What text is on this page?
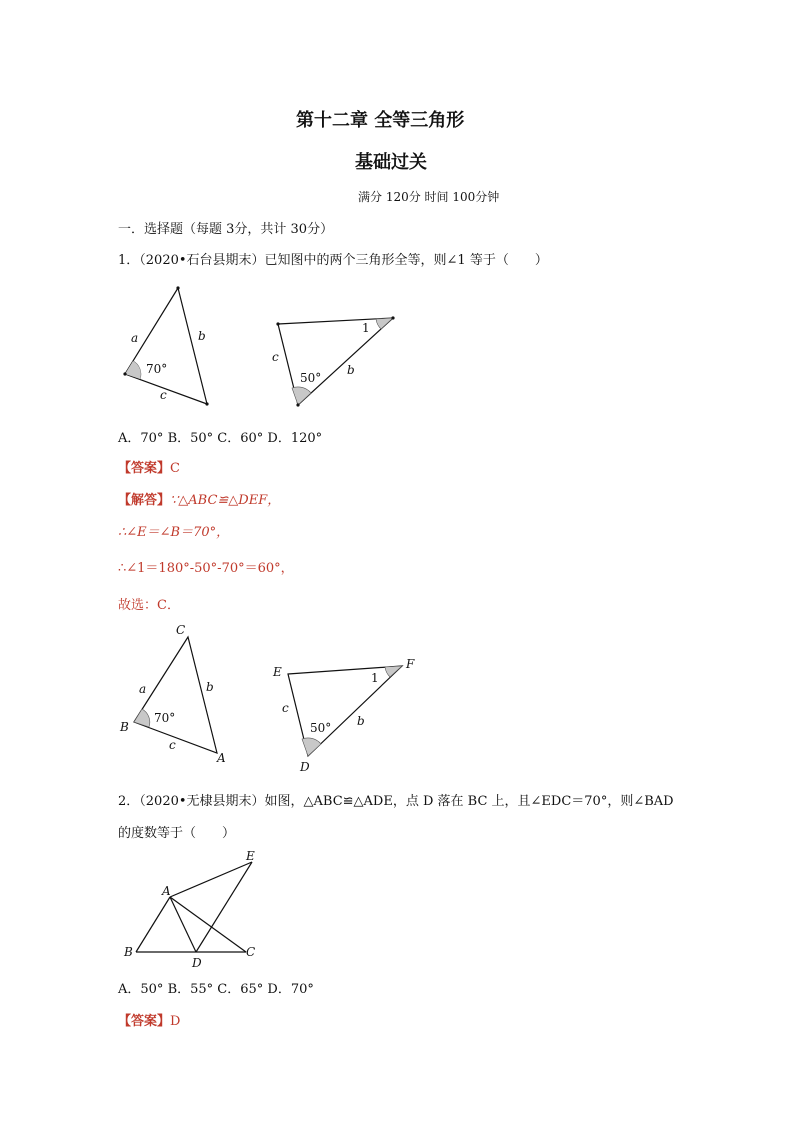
第十二章 全等三角形
基础过关
满分 120分 时间 100分钟
一．选择题（每题 3分，共计 30分）
1．（2020•石台县期末）已知图中的两个三角形全等，则∠1 等于（　　）
a	b
c
70°
c
b
50°
1
A．70° B．50° C．60° D．120°
【答案】C
【解答】∵△ABC≌△DEF，
∴∠E＝∠B＝70°，
∴∠1＝180°-50°-70°＝60°，
故选：C．
C
B
A
a	b
c
70°
E
F
D
c
b
50°
1
2．（2020•无棣县期末）如图，△ABC≌△ADE，点 D 落在 BC 上，且∠EDC＝70°，则∠BAD
的度数等于（　　）
A
B	C
D
E
A．50° B．55° C．65° D．70°
【答案】D
